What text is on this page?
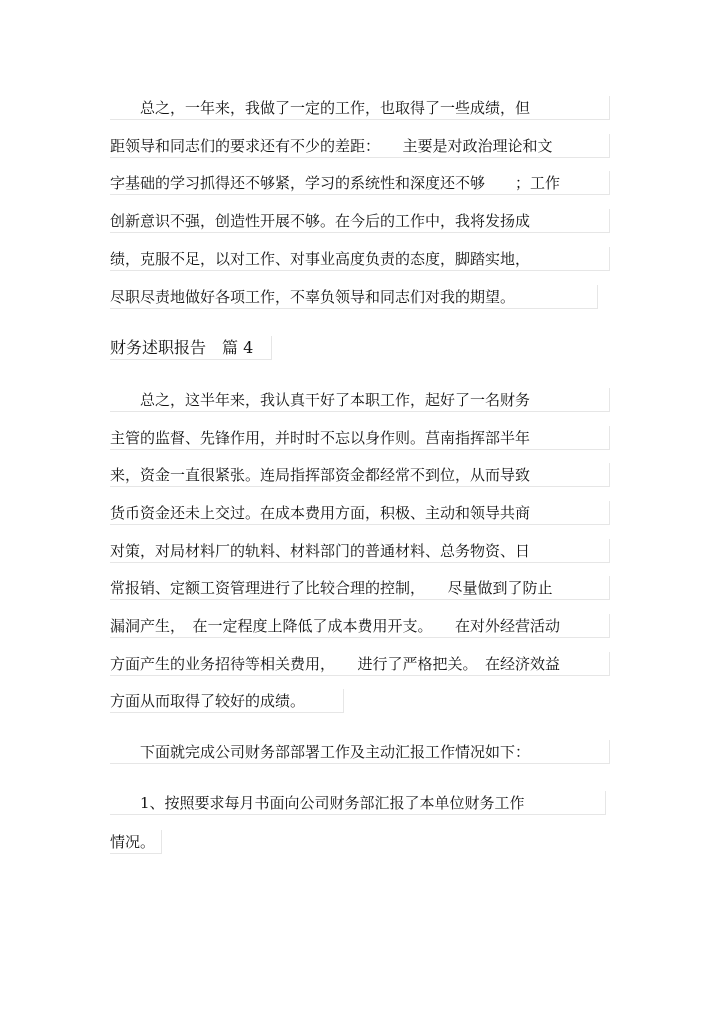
　　总之，一年来，我做了一定的工作，也取得了一些成绩，但
距领导和同志们的要求还有不少的差距：　　主要是对政治理论和文
字基础的学习抓得还不够紧，学习的系统性和深度还不够　　；工作
创新意识不强，创造性开展不够。在今后的工作中，我将发扬成
绩，克服不足，以对工作、对事业高度负责的态度，脚踏实地，
尽职尽责地做好各项工作，不辜负领导和同志们对我的期望。
财务述职报告　篇 4
　　总之，这半年来，我认真干好了本职工作，起好了一名财务
主管的监督、先锋作用，并时时不忘以身作则。莒南指挥部半年
来，资金一直很紧张。连局指挥部资金都经常不到位，从而导致
货币资金还未上交过。在成本费用方面，积极、主动和领导共商
对策，对局材料厂的轨料、材料部门的普通材料、总务物资、日
常报销、定额工资管理进行了比较合理的控制，　　尽量做到了防止
漏洞产生，　在一定程度上降低了成本费用开支。　　在对外经营活动
方面产生的业务招待等相关费用，　　进行了严格把关。　在经济效益
方面从而取得了较好的成绩。
　　下面就完成公司财务部部署工作及主动汇报工作情况如下：
　　1、按照要求每月书面向公司财务部汇报了本单位财务工作
情况。
